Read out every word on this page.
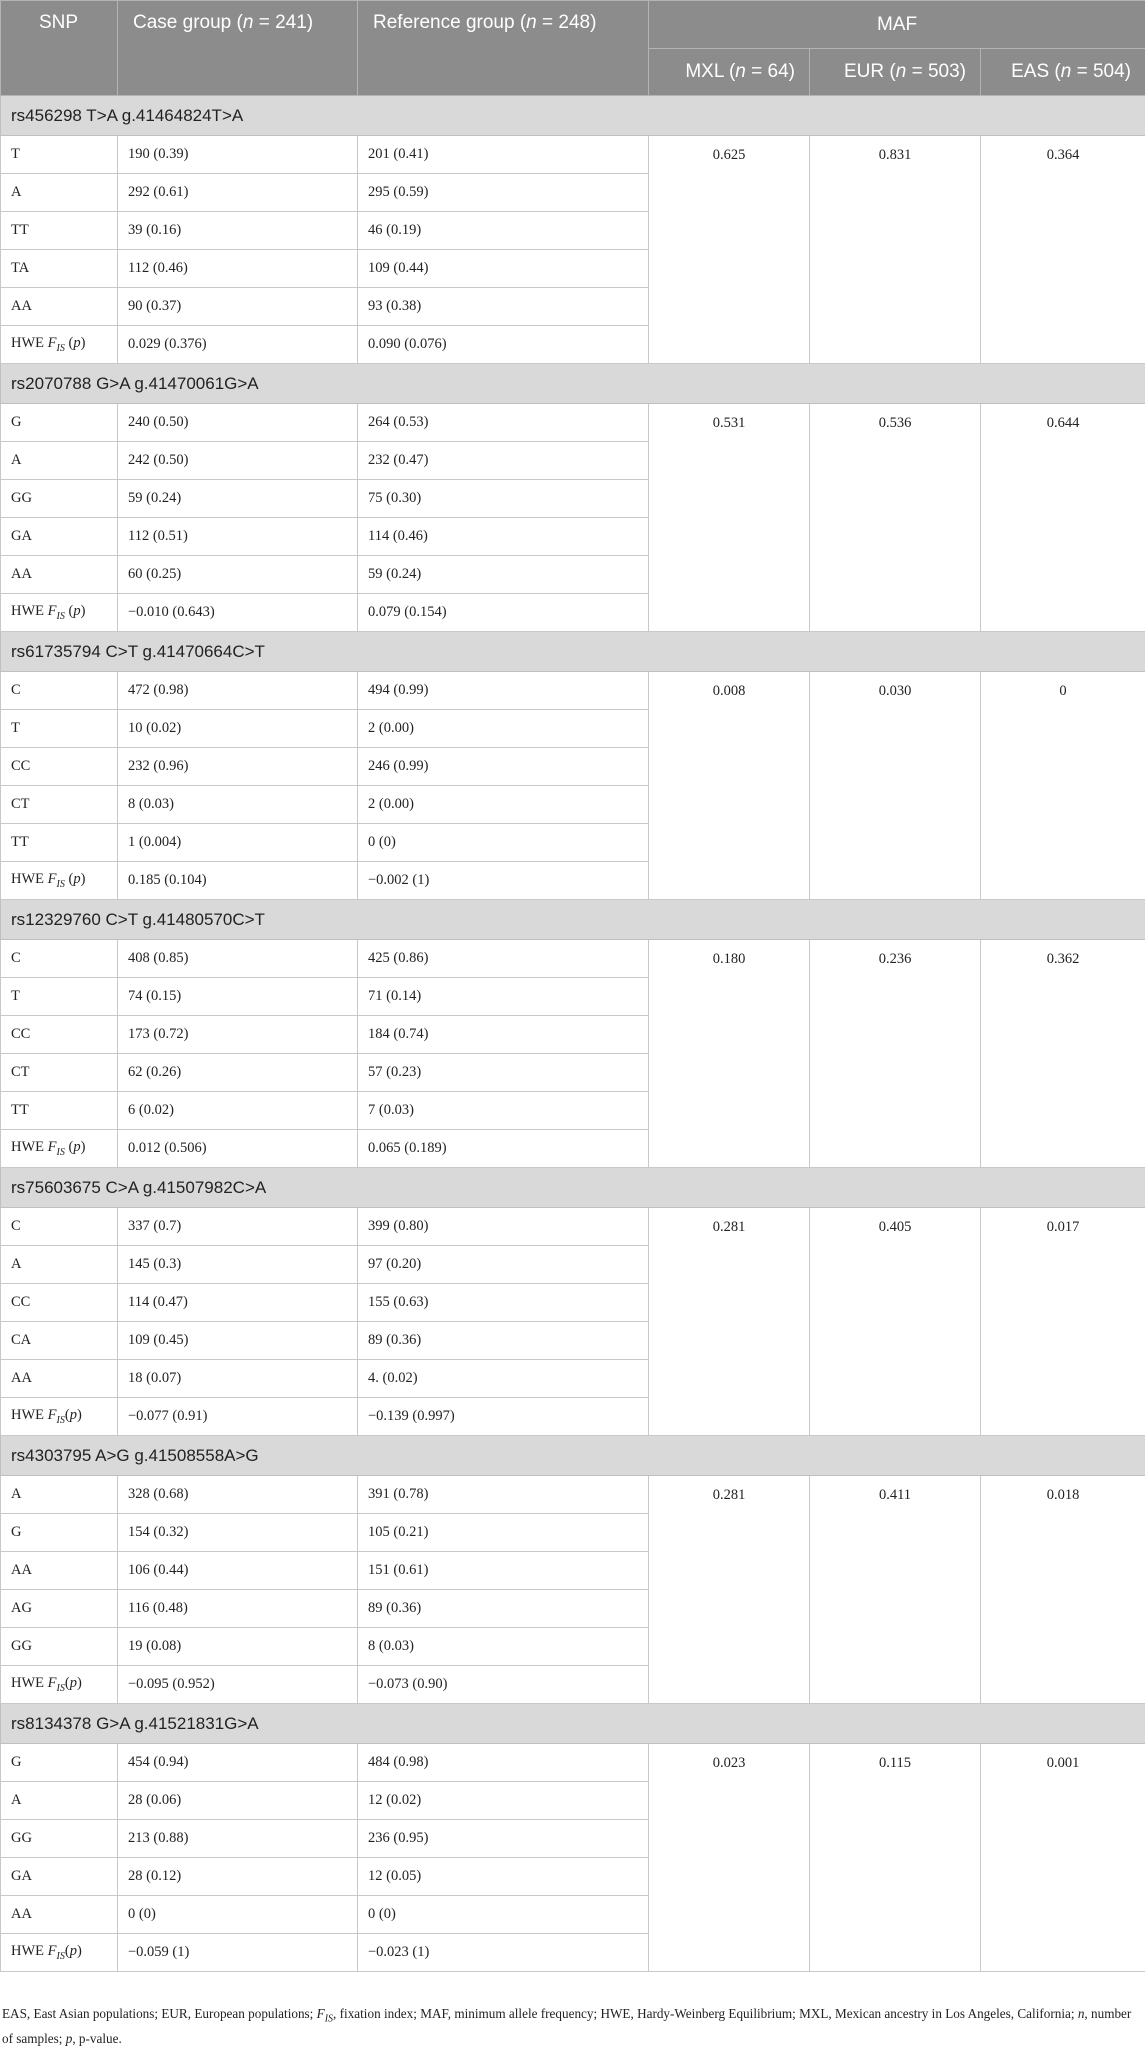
SNP	Case group (n = 241)	Reference group (n = 248)	MAF		
			MXL (n = 64)	EUR (n = 503)	EAS (n = 504)
rs456298 T>A g.41464824T>A					
T	190 (0.39)	201 (0.41)	0.625	0.831	0.364
A	292 (0.61)	295 (0.59)			
TT	39 (0.16)	46 (0.19)			
TA	112 (0.46)	109 (0.44)			
AA	90 (0.37)	93 (0.38)			
HWE $F_{IS}$ (p)	0.029 (0.376)	0.090 (0.076)			
rs2070788 G>A g.41470061G>A					
G	240 (0.50)	264 (0.53)	0.531	0.536	0.644
A	242 (0.50)	232 (0.47)			
GG	59 (0.24)	75 (0.30)			
GA	112 (0.51)	114 (0.46)			
AA	60 (0.25)	59 (0.24)			
HWE $F_{IS}$ (p)	−0.010 (0.643)	0.079 (0.154)			
rs61735794 C>T g.41470664C>T					
C	472 (0.98)	494 (0.99)	0.008	0.030	0
T	10 (0.02)	2 (0.00)			
CC	232 (0.96)	246 (0.99)			
CT	8 (0.03)	2 (0.00)			
TT	1 (0.004)	0 (0)			
HWE $F_{IS}$ (p)	0.185 (0.104)	−0.002 (1)			
rs12329760 C>T g.41480570C>T					
C	408 (0.85)	425 (0.86)	0.180	0.236	0.362
T	74 (0.15)	71 (0.14)			
CC	173 (0.72)	184 (0.74)			
CT	62 (0.26)	57 (0.23)			
TT	6 (0.02)	7 (0.03)			
HWE $F_{IS}$ (p)	0.012 (0.506)	0.065 (0.189)			
rs75603675 C>A g.41507982C>A					
C	337 (0.7)	399 (0.80)	0.281	0.405	0.017
A	145 (0.3)	97 (0.20)			
CC	114 (0.47)	155 (0.63)			
CA	109 (0.45)	89 (0.36)			
AA	18 (0.07)	4. (0.02)			
HWE $F_{IS}(p)$	−0.077 (0.91)	−0.139 (0.997)			
rs4303795 A>G g.41508558A>G					
A	328 (0.68)	391 (0.78)	0.281	0.411	0.018
G	154 (0.32)	105 (0.21)			
AA	106 (0.44)	151 (0.61)			
AG	116 (0.48)	89 (0.36)			
GG	19 (0.08)	8 (0.03)			
HWE $F_{IS}(p)$	−0.095 (0.952)	−0.073 (0.90)			
rs8134378 G>A g.41521831G>A					
G	454 (0.94)	484 (0.98)	0.023	0.115	0.001
A	28 (0.06)	12 (0.02)			
GG	213 (0.88)	236 (0.95)			
GA	28 (0.12)	12 (0.05)			
AA	0 (0)	0 (0)			
HWE $F_{IS}(p)$	−0.059 (1)	−0.023 (1)			
EAS, East Asian populations; EUR, European populations; $F_{IS}$, fixation index; MAF, minimum allele frequency; HWE, Hardy-Weinberg Equilibrium; MXL, Mexican ancestry in Los Angeles, California; n, number of samples; p, p-value.
